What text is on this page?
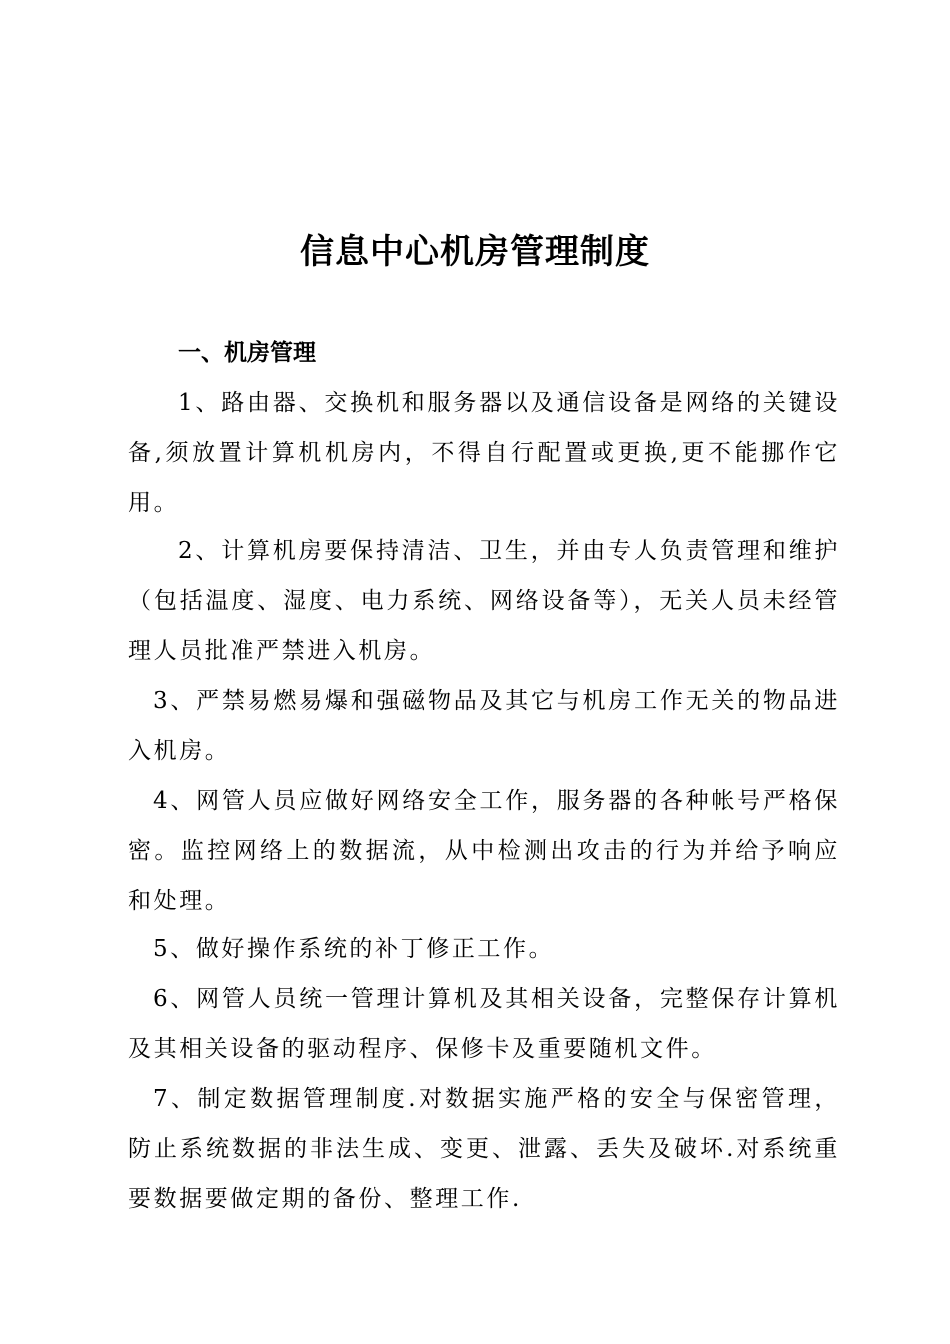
信息中心机房管理制度
一、机房管理

1、路由器、交换机和服务器以及通信设备是网络的关键设备,须放置计算机机房内，不得自行配置或更换,更不能挪作它用。

2、计算机房要保持清洁、卫生，并由专人负责管理和维护（包括温度、湿度、电力系统、网络设备等），无关人员未经管理人员批准严禁进入机房。

3、严禁易燃易爆和强磁物品及其它与机房工作无关的物品进入机房。

4、网管人员应做好网络安全工作，服务器的各种帐号严格保密。监控网络上的数据流，从中检测出攻击的行为并给予响应和处理。

5、做好操作系统的补丁修正工作。

6、网管人员统一管理计算机及其相关设备，完整保存计算机及其相关设备的驱动程序、保修卡及重要随机文件。

7、制定数据管理制度.对数据实施严格的安全与保密管理，防止系统数据的非法生成、变更、泄露、丢失及破坏.对系统重要数据要做定期的备份、整理工作.
